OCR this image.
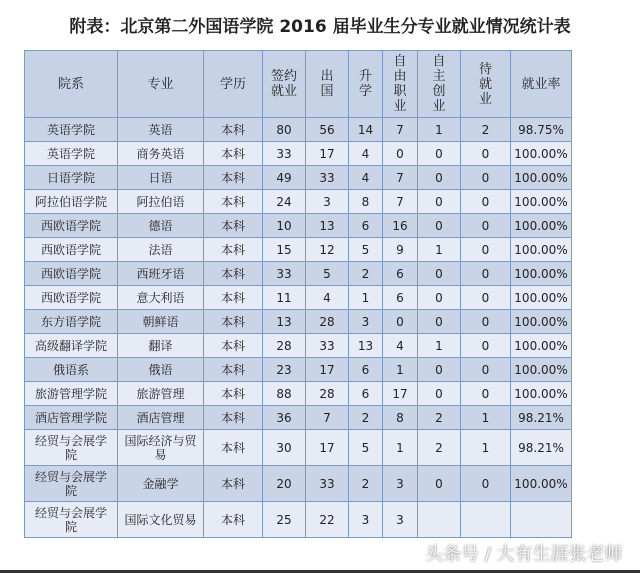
附表：北京第二外国语学院 2016 届毕业生分专业就业情况统计表
院系	专业	学历	签约就业	出国	升学	自由职业	自主创业	待就业	就业率
英语学院	英语	本科	80	56	14	7	1	2	98.75%
英语学院	商务英语	本科	33	17	4	0	0	0	100.00%
日语学院	日语	本科	49	33	4	7	0	0	100.00%
阿拉伯语学院	阿拉伯语	本科	24	3	8	7	0	0	100.00%
西欧语学院	德语	本科	10	13	6	16	0	0	100.00%
西欧语学院	法语	本科	15	12	5	9	1	0	100.00%
西欧语学院	西班牙语	本科	33	5	2	6	0	0	100.00%
西欧语学院	意大利语	本科	11	4	1	6	0	0	100.00%
东方语学院	朝鲜语	本科	13	28	3	0	0	0	100.00%
高级翻译学院	翻译	本科	28	33	13	4	1	0	100.00%
俄语系	俄语	本科	23	17	6	1	0	0	100.00%
旅游管理学院	旅游管理	本科	88	28	6	17	0	0	100.00%
酒店管理学院	酒店管理	本科	36	7	2	8	2	1	98.21%
经贸与会展学院	国际经济与贸易	本科	30	17	5	1	2	1	98.21%
经贸与会展学院	金融学	本科	20	33	2	3	0	0	100.00%
经贸与会展学院	国际文化贸易	本科	25	22	3	3			
头条号 / 大有生涯张老师
